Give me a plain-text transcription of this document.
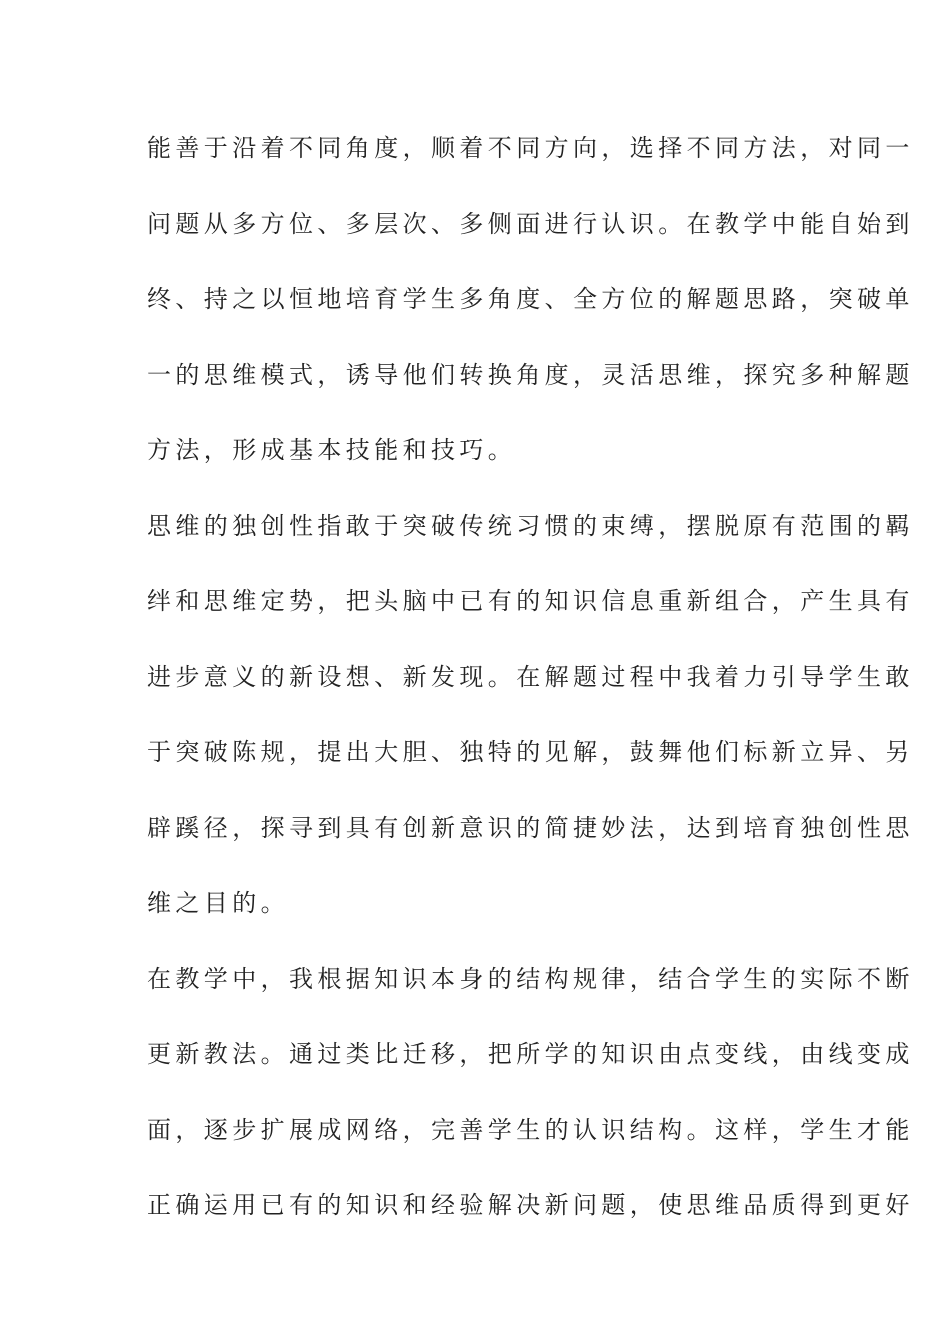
能善于沿着不同角度，顺着不同方向，选择不同方法，对同一
问题从多方位、多层次、多侧面进行认识。在教学中能自始到
终、持之以恒地培育学生多角度、全方位的解题思路，突破单
一的思维模式，诱导他们转换角度，灵活思维，探究多种解题
方法，形成基本技能和技巧。
思维的独创性指敢于突破传统习惯的束缚，摆脱原有范围的羁
绊和思维定势，把头脑中已有的知识信息重新组合，产生具有
进步意义的新设想、新发现。在解题过程中我着力引导学生敢
于突破陈规，提出大胆、独特的见解，鼓舞他们标新立异、另
辟蹊径，探寻到具有创新意识的简捷妙法，达到培育独创性思
维之目的。
在教学中，我根据知识本身的结构规律，结合学生的实际不断
更新教法。通过类比迁移，把所学的知识由点变线，由线变成
面，逐步扩展成网络，完善学生的认识结构。这样，学生才能
正确运用已有的知识和经验解决新问题，使思维品质得到更好
